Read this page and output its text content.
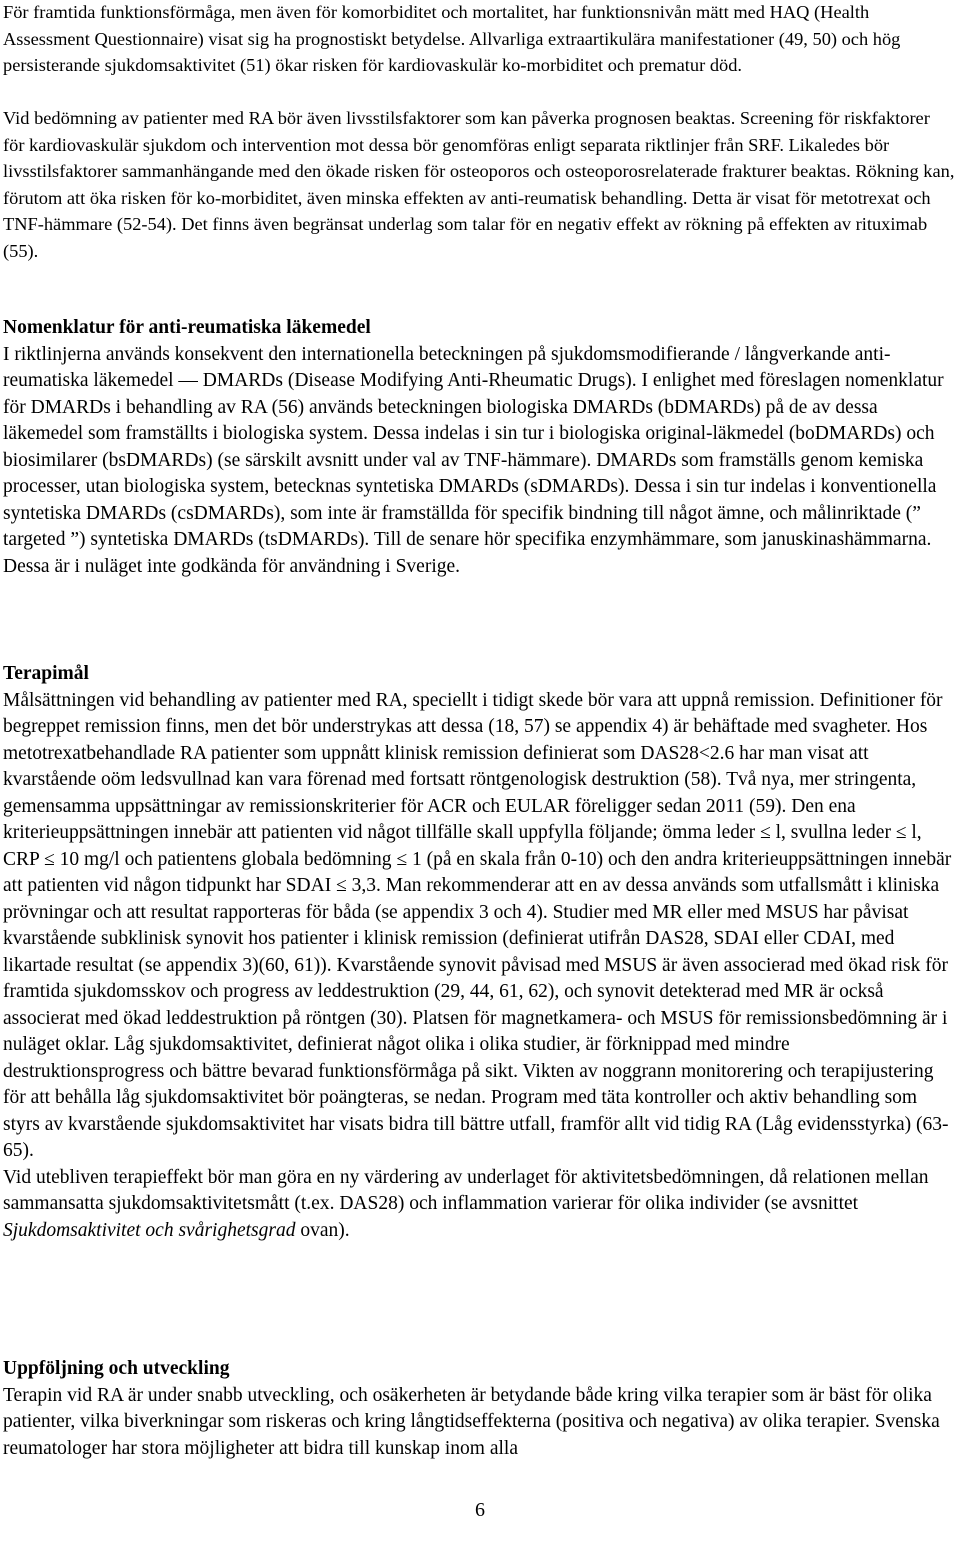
För framtida funktionsförmåga, men även för komorbiditet och mortalitet, har funktionsnivån mätt med HAQ (Health Assessment Questionnaire) visat sig ha prognostiskt betydelse. Allvarliga extraartikulära manifestationer (49, 50) och hög persisterande sjukdomsaktivitet (51) ökar risken för kardiovaskulär ko-morbiditet och prematur död.

Vid bedömning av patienter med RA bör även livsstilsfaktorer som kan påverka prognosen beaktas. Screening för riskfaktorer för kardiovaskulär sjukdom och intervention mot dessa bör genomföras enligt separata riktlinjer från SRF. Likaledes bör livsstilsfaktorer sammanhängande med den ökade risken för osteoporos och osteoporosrelaterade frakturer beaktas. Rökning kan, förutom att öka risken för ko-morbiditet, även minska effekten av anti-reumatisk behandling. Detta är visat för metotrexat och TNF-hämmare (52-54). Det finns även begränsat underlag som talar för en negativ effekt av rökning på effekten av rituximab (55).

Nomenklatur för anti-reumatiska läkemedel
I riktlinjerna används konsekvent den internationella beteckningen på sjukdomsmodifierande / långverkande anti-reumatiska läkemedel — DMARDs (Disease Modifying Anti-Rheumatic Drugs). I enlighet med föreslagen nomenklatur för DMARDs i behandling av RA (56) används beteckningen biologiska DMARDs (bDMARDs) på de av dessa läkemedel som framställts i biologiska system. Dessa indelas i sin tur i biologiska original-läkmedel (boDMARDs) och biosimilarer (bsDMARDs) (se särskilt avsnitt under val av TNF-hämmare). DMARDs som framställs genom kemiska processer, utan biologiska system, betecknas syntetiska DMARDs (sDMARDs). Dessa i sin tur indelas i konventionella syntetiska DMARDs (csDMARDs), som inte är framställda för specifik bindning till något ämne, och målinriktade (” targeted ”) syntetiska DMARDs (tsDMARDs). Till de senare hör specifika enzymhämmare, som januskinashämmarna. Dessa är i nuläget inte godkända för användning i Sverige.
Terapimål
Målsättningen vid behandling av patienter med RA, speciellt i tidigt skede bör vara att uppnå remission. Definitioner för begreppet remission finns, men det bör understrykas att dessa (18, 57) se appendix 4) är behäftade med svagheter. Hos metotrexatbehandlade RA patienter som uppnått klinisk remission definierat som DAS28<2.6 har man visat att kvarstående oöm ledsvullnad kan vara förenad med fortsatt röntgenologisk destruktion (58). Två nya, mer stringenta, gemensamma uppsättningar av remissionskriterier för ACR och EULAR föreligger sedan 2011 (59). Den ena kriterieuppsättningen innebär att patienten vid något tillfälle skall uppfylla följande; ömma leder ≤ l, svullna leder ≤ l, CRP ≤ 10 mg/l och patientens globala bedömning ≤ 1 (på en skala från 0-10) och den andra kriterieuppsättningen innebär att patienten vid någon tidpunkt har SDAI ≤ 3,3. Man rekommenderar att en av dessa används som utfallsmått i kliniska prövningar och att resultat rapporteras för båda (se appendix 3 och 4). Studier med MR eller med MSUS har påvisat kvarstående subklinisk synovit hos patienter i klinisk remission (definierat utifrån DAS28, SDAI eller CDAI, med likartade resultat (se appendix 3)(60, 61)). Kvarstående synovit påvisad med MSUS är även associerad med ökad risk för framtida sjukdomsskov och progress av leddestruktion (29, 44, 61, 62), och synovit detekterad med MR är också associerat med ökad leddestruktion på röntgen (30). Platsen för magnetkamera- och MSUS för remissionsbedömning är i nuläget oklar. Låg sjukdomsaktivitet, definierat något olika i olika studier, är förknippad med mindre destruktionsprogress och bättre bevarad funktionsförmåga på sikt. Vikten av noggrann monitorering och terapijustering för att behålla låg sjukdomsaktivitet bör poängteras, se nedan. Program med täta kontroller och aktiv behandling som styrs av kvarstående sjukdomsaktivitet har visats bidra till bättre utfall, framför allt vid tidig RA (Låg evidensstyrka) (63-65).
Vid utebliven terapieffekt bör man göra en ny värdering av underlaget för aktivitetsbedömningen, då relationen mellan sammansatta sjukdomsaktivitetsmått (t.ex. DAS28) och inflammation varierar för olika individer (se avsnittet Sjukdomsaktivitet och svårighetsgrad ovan).
Uppföljning och utveckling
Terapin vid RA är under snabb utveckling, och osäkerheten är betydande både kring vilka terapier som är bäst för olika patienter, vilka biverkningar som riskeras och kring långtidseffekterna (positiva och negativa) av olika terapier. Svenska reumatologer har stora möjligheter att bidra till kunskap inom alla
6
